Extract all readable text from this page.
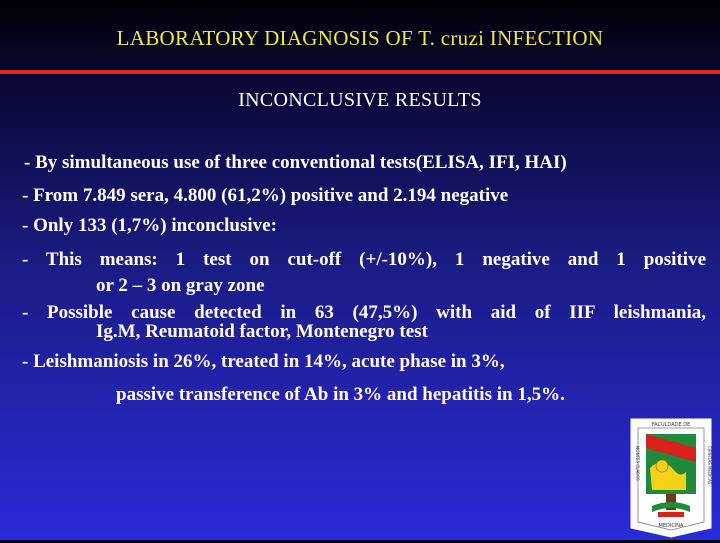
LABORATORY DIAGNOSIS OF T. cruzi INFECTION
INCONCLUSIVE RESULTS
- By simultaneous use of three conventional tests(ELISA, IFI, HAI)
- From 7.849 sera, 4.800 (61,2%) positive and 2.194 negative
- Only 133 (1,7%) inconclusive:
- This means: 1 test on cut-off (+/-10%), 1 negative and 1 positive
or 2 – 3 on gray zone
- Possible cause detected in 63 (47,5%) with aid of IIF leishmania,
Ig.M, Reumatoid factor, Montenegro test
- Leishmaniosis in 26%, treated in 14%, acute phase in 3%,
passive transference of Ab in 3% and hepatitis in 1,5%.
FACULDADE DE
MONTES CLAROS	CIENCIAS MEDICAS
MEDICINA
